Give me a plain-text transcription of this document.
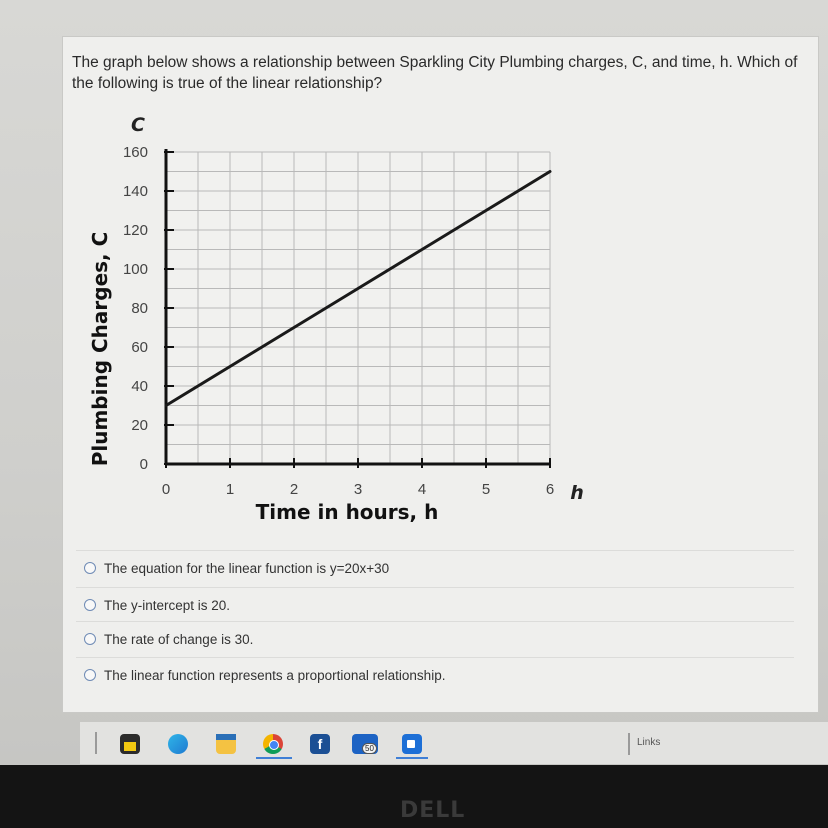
The graph below shows a relationship between Sparkling City Plumbing charges, C, and time, h. Which of the following is true of the linear relationship?
0
20
40
60
80
100
120
140
160
0	1	2	3	4	5	6
C
h
Time in hours, h
Plumbing Charges, C
The equation for the linear function is y=20x+30
The y-intercept is 20.
The rate of change is 30.
The linear function represents a proportional relationship.
f	50
Links
DELL
